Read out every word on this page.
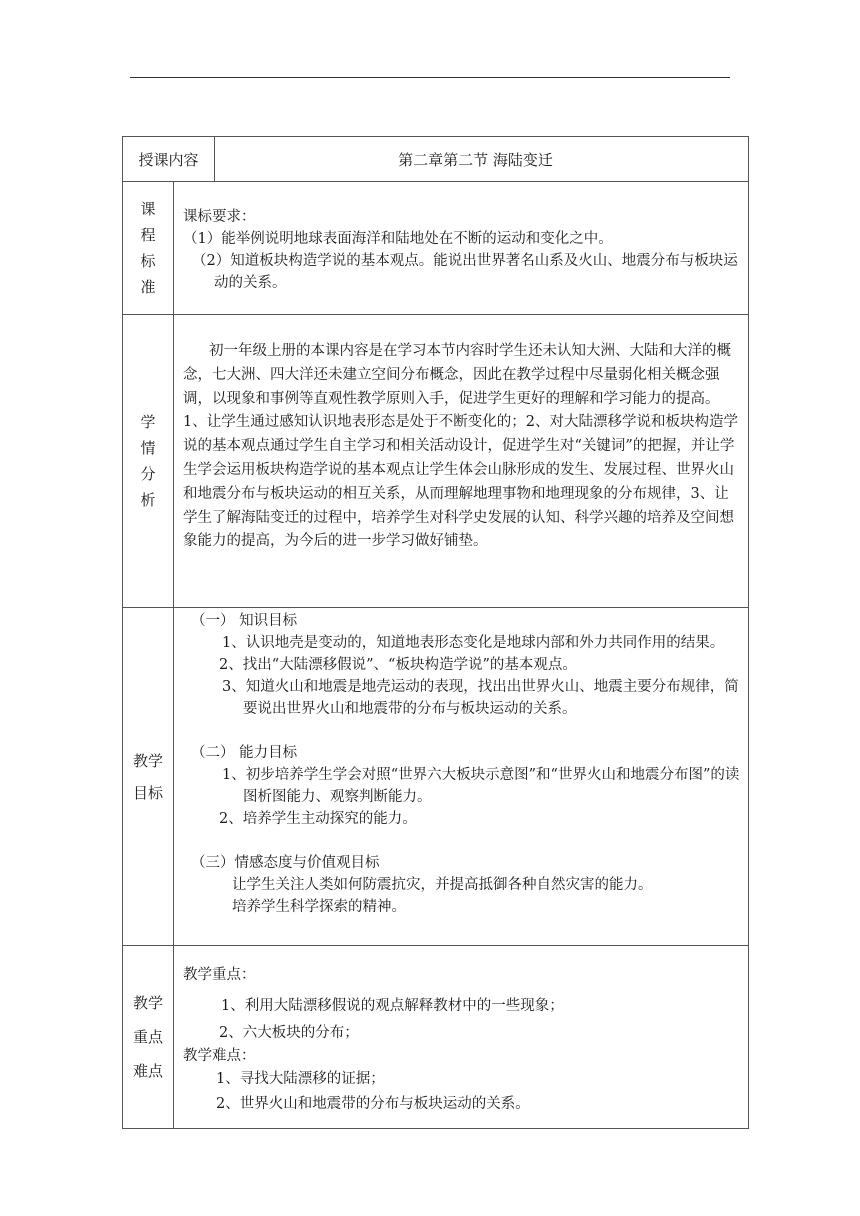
授课内容	第二章第二节 海陆变迁
课
程
标
准

课标要求：

（1）能举例说明地球表面海洋和陆地处在不断的运动和变化之中。

（2）知道板块构造学说的基本观点。能说出世界著名山系及火山、地震分布与板块运动的关系。

学
情
分
析

初一年级上册的本课内容是在学习本节内容时学生还未认知大洲、大陆和大洋的概念，七大洲、四大洋还未建立空间分布概念，因此在教学过程中尽量弱化相关概念强调，以现象和事例等直观性教学原则入手，促进学生更好的理解和学习能力的提高。1、让学生通过感知认识地表形态是处于不断变化的；2、对大陆漂移学说和板块构造学说的基本观点通过学生自主学习和相关活动设计，促进学生对“关键词”的把握，并让学生学会运用板块构造学说的基本观点让学生体会山脉形成的发生、发展过程、世界火山和地震分布与板块运动的相互关系，从而理解地理事物和地理现象的分布规律，3、让学生了解海陆变迁的过程中，培养学生对科学史发展的认知、科学兴趣的培养及空间想象能力的提高，为今后的进一步学习做好铺垫。

教学
目标

（一） 知识目标

1、认识地壳是变动的，知道地表形态变化是地球内部和外力共同作用的结果。

2、找出“大陆漂移假说”、“板块构造学说”的基本观点。

3、知道火山和地震是地壳运动的表现，找出出世界火山、地震主要分布规律，简要说出世界火山和地震带的分布与板块运动的关系。

（二） 能力目标

1、初步培养学生学会对照“世界六大板块示意图”和“世界火山和地震分布图”的读图析图能力、观察判断能力。

2、培养学生主动探究的能力。

（三）情感态度与价值观目标

让学生关注人类如何防震抗灾，并提高抵御各种自然灾害的能力。

培养学生科学探索的精神。

教学
重点
难点

教学重点：

1、利用大陆漂移假说的观点解释教材中的一些现象；

2、六大板块的分布；

教学难点：

1、寻找大陆漂移的证据；

2、世界火山和地震带的分布与板块运动的关系。
